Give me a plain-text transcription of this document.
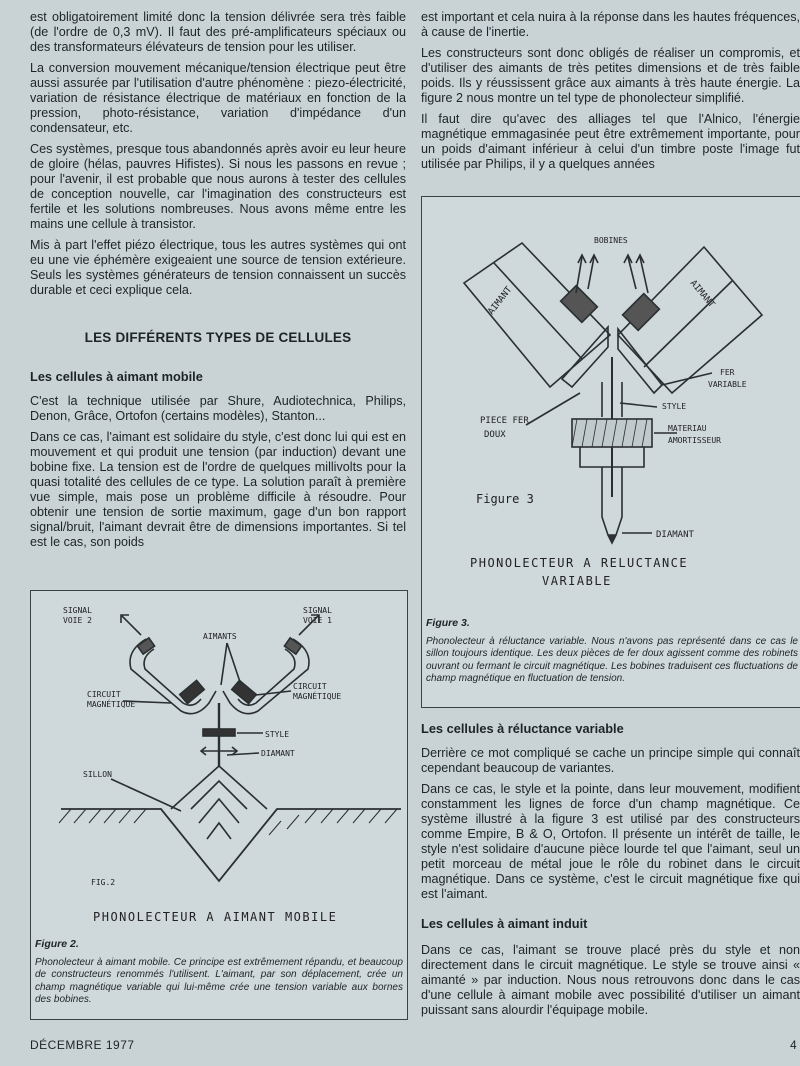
est obligatoirement limité donc la tension délivrée sera très faible (de l'ordre de 0,3 mV). Il faut des pré-amplificateurs spéciaux ou des transformateurs élévateurs de tension pour les utiliser.

La conversion mouvement mécanique/tension électrique peut être aussi assurée par l'utilisation d'autre phénomène : piezo-électricité, variation de résistance électrique de matériaux en fonction de la pression, photo-résistance, variation d'impédance d'un condensateur, etc.

Ces systèmes, presque tous abandonnés après avoir eu leur heure de gloire (hélas, pauvres Hifistes). Si nous les passons en revue ; pour l'avenir, il est probable que nous aurons à tester des cellules de conception nouvelle, car l'imagination des constructeurs est fertile et les solutions nombreuses. Nous avons même entre les mains une cellule à transistor.

Mis à part l'effet piézo électrique, tous les autres systèmes qui ont eu une vie éphémère exigeaient une source de tension extérieure. Seuls les systèmes générateurs de tension connaissent un succès durable et ceci explique cela.

LES DIFFÉRENTS TYPES DE CELLULES
Les cellules à aimant mobile

C'est la technique utilisée par Shure, Audiotechnica, Philips, Denon, Grâce, Ortofon (certains modèles), Stanton...

Dans ce cas, l'aimant est solidaire du style, c'est donc lui qui est en mouvement et qui produit une tension (par induction) devant une bobine fixe. La tension est de l'ordre de quelques millivolts pour la quasi totalité des cellules de ce type. La solution paraît à première vue simple, mais pose un problème difficile à résoudre. Pour obtenir une tension de sortie maximum, gage d'un bon rapport signal/bruit, l'aimant devrait être de dimensions importantes. Si tel est le cas, son poids

est important et cela nuira à la réponse dans les hautes fréquences, à cause de l'inertie.

Les constructeurs sont donc obligés de réaliser un compromis, et d'utiliser des aimants de très petites dimensions et de très faible poids. Ils y réussissent grâce aux aimants à très haute énergie. La figure 2 nous montre un tel type de phonolecteur simplifié.

Il faut dire qu'avec des alliages tel que l'Alnico, l'énergie magnétique emmagasinée peut être extrêmement importante, pour un poids d'aimant inférieur à celui d'un timbre poste l'image fut utilisée par Philips, il y a quelques années

Les cellules à réluctance variable

Derrière ce mot compliqué se cache un principe simple qui connaît cependant beaucoup de variantes.

Dans ce cas, le style et la pointe, dans leur mouvement, modifient constamment les lignes de force d'un champ magnétique. Ce système illustré à la figure 3 est utilisé par des constructeurs comme Empire, B & O, Ortofon. Il présente un intérêt de taille, le style n'est solidaire d'aucune pièce lourde tel que l'aimant, seul un petit morceau de métal joue le rôle du robinet dans le circuit magnétique. Dans ce système, c'est le circuit magnétique fixe qui est l'aimant.

Les cellules à aimant induit

Dans ce cas, l'aimant se trouve placé près du style et non directement dans le circuit magnétique. Le style se trouve ainsi « aimanté » par induction. Nous nous retrouvons donc dans le cas d'une cellule à aimant mobile avec possibilité d'utiliser un aimant puissant sans alourdir l'équipage mobile.

SIGNAL
VOIE 2
SIGNAL
VOIE 1
AIMANTS
CIRCUIT
MAGNÉTIQUE
CIRCUIT
MAGNÉTIQUE
STYLE
DIAMANT
SILLON
FIG.2
PHONOLECTEUR A AIMANT MOBILE
Figure 2.
Phonolecteur à aimant mobile. Ce principe est extrêmement répandu, et beaucoup de constructeurs renommés l'utilisent. L'aimant, par son déplacement, crée un champ magnétique variable qui lui-même crée une tension variable aux bornes des bobines.
BOBINES
AIMANT	AIMANT
FER
VARIABLE
STYLE
PIECE FER
DOUX
MATERIAU
AMORTISSEUR
Figure 3
DIAMANT
PHONOLECTEUR A RELUCTANCE
VARIABLE
Figure 3.
Phonolecteur à réluctance variable. Nous n'avons pas représenté dans ce cas le sillon toujours identique. Les deux pièces de fer doux agissent comme des robinets ouvrant ou fermant le circuit magnétique. Les bobines traduisent ces fluctuations de champ magnétique en fluctuation de tension.
DÉCEMBRE 1977	4
